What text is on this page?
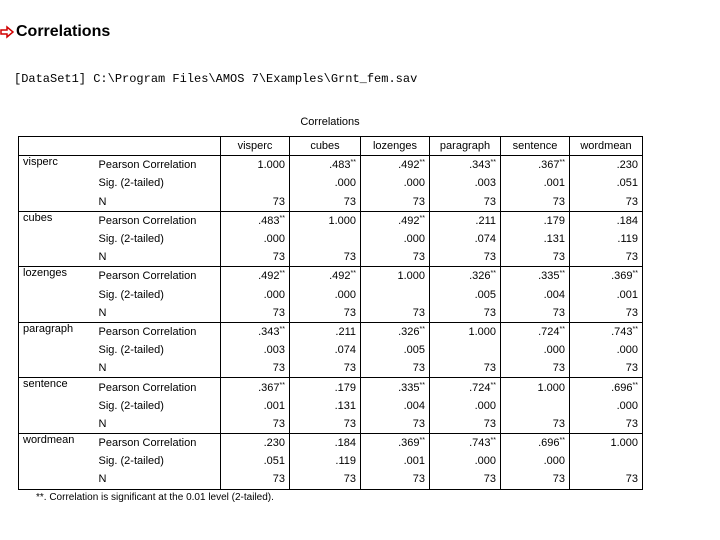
Correlations
[DataSet1] C:\Program Files\AMOS 7\Examples\Grnt_fem.sav
Correlations
		visperc	cubes	lozenges	paragraph	sentence	wordmean
visperc	Pearson Correlation	1.000	.483**	.492**	.343**	.367**	.230
	Sig. (2-tailed)		.000	.000	.003	.001	.051
	N	73	73	73	73	73	73
cubes	Pearson Correlation	.483**	1.000	.492**	.211	.179	.184
	Sig. (2-tailed)	.000		.000	.074	.131	.119
	N	73	73	73	73	73	73
lozenges	Pearson Correlation	.492**	.492**	1.000	.326**	.335**	.369**
	Sig. (2-tailed)	.000	.000		.005	.004	.001
	N	73	73	73	73	73	73
paragraph	Pearson Correlation	.343**	.211	.326**	1.000	.724**	.743**
	Sig. (2-tailed)	.003	.074	.005		.000	.000
	N	73	73	73	73	73	73
sentence	Pearson Correlation	.367**	.179	.335**	.724**	1.000	.696**
	Sig. (2-tailed)	.001	.131	.004	.000		.000
	N	73	73	73	73	73	73
wordmean	Pearson Correlation	.230	.184	.369**	.743**	.696**	1.000
	Sig. (2-tailed)	.051	.119	.001	.000	.000	
	N	73	73	73	73	73	73
**. Correlation is significant at the 0.01 level (2-tailed).
